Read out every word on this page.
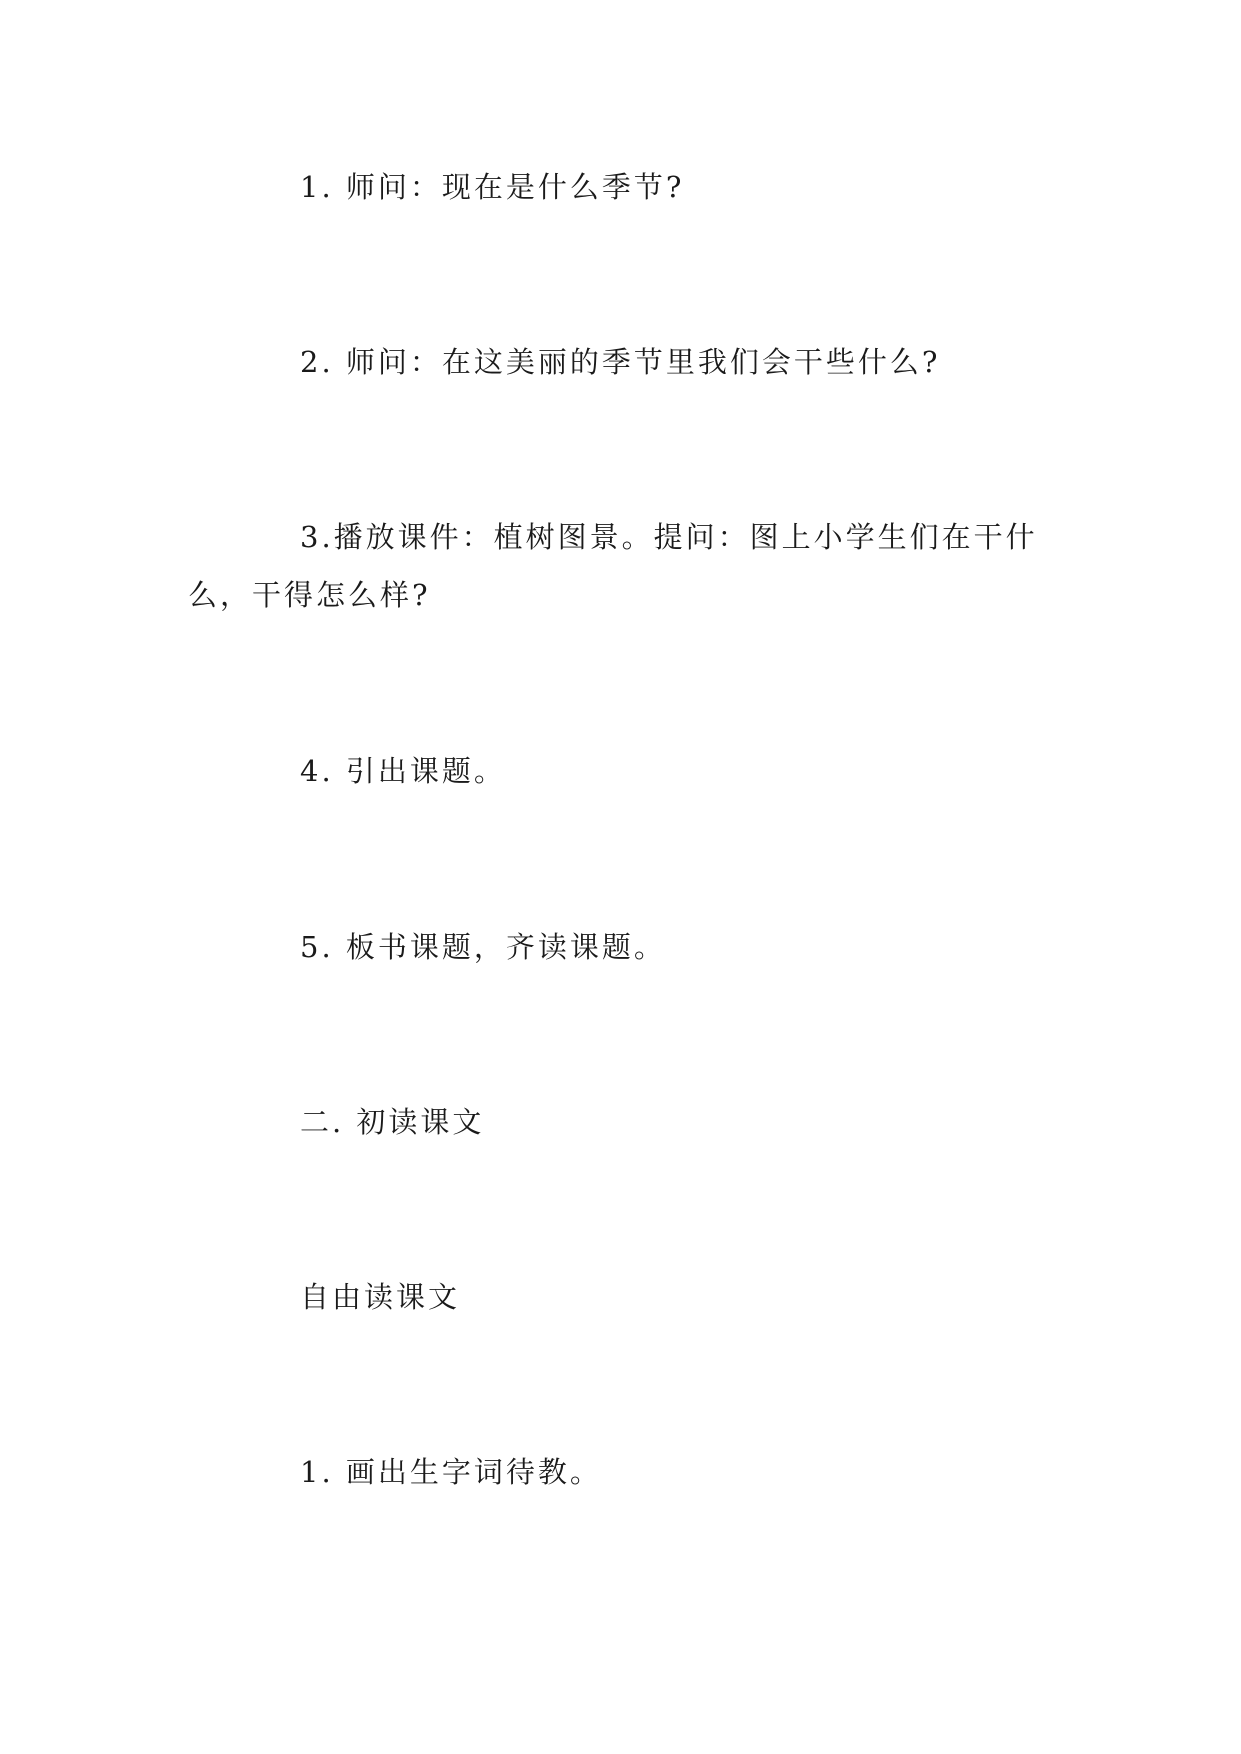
1. 师问：现在是什么季节?

2. 师问：在这美丽的季节里我们会干些什么?

3.播放课件：植树图景。提问：图上小学生们在干什么，干得怎么样?

4. 引出课题。

5. 板书课题，齐读课题。

二. 初读课文

自由读课文

1. 画出生字词待教。
